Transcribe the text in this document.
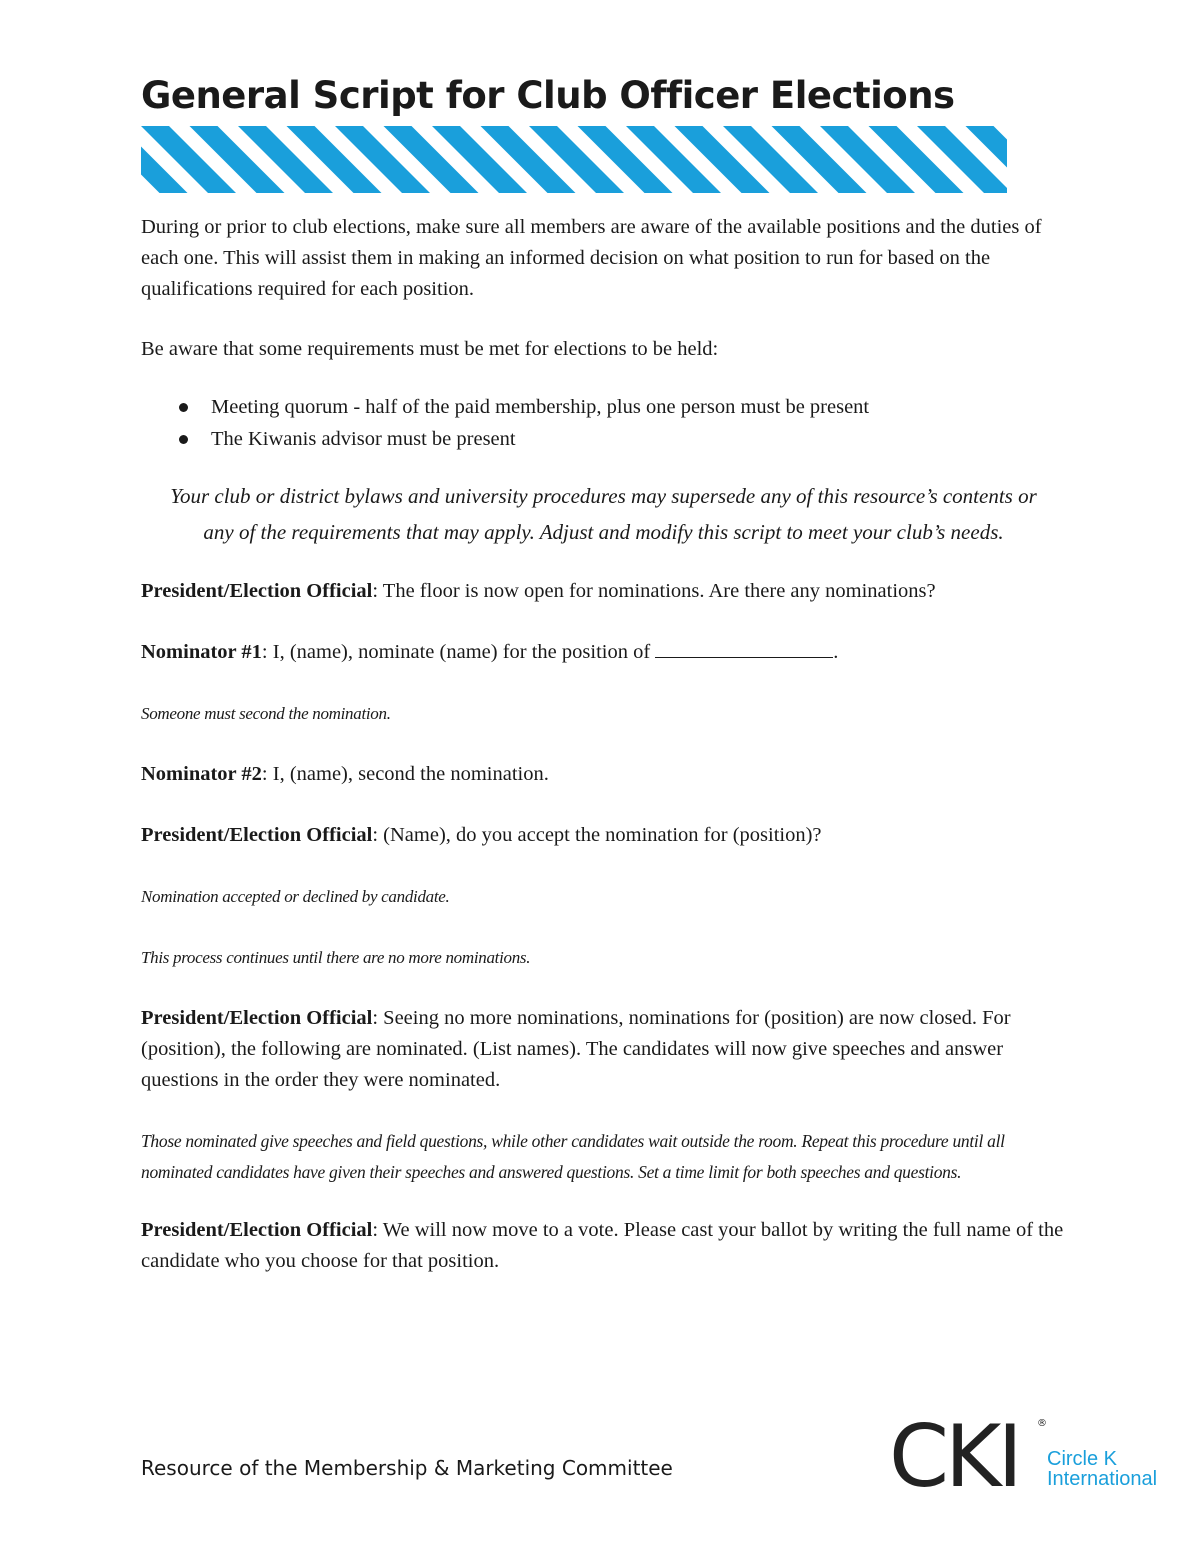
General Script for Club Officer Elections

During or prior to club elections, make sure all members are aware of the available positions and the duties of each one. This will assist them in making an informed decision on what position to run for based on the qualifications required for each position.

Be aware that some requirements must be met for elections to be held:

Meeting quorum - half of the paid membership, plus one person must be present
The Kiwanis advisor must be present

Your club or district bylaws and university procedures may supersede any of this resource’s contents or
any of the requirements that may apply. Adjust and modify this script to meet your club’s needs.

President/Election Official: The floor is now open for nominations. Are there any nominations?

Nominator #1: I, (name), nominate (name) for the position of	.

Someone must second the nomination.

Nominator #2: I, (name), second the nomination.

President/Election Official: (Name), do you accept the nomination for (position)?

Nomination accepted or declined by candidate.

This process continues until there are no more nominations.

President/Election Official: Seeing no more nominations, nominations for (position) are now closed. For (position), the following are nominated. (List names). The candidates will now give speeches and answer questions in the order they were nominated.

Those nominated give speeches and field questions, while other candidates wait outside the room. Repeat this procedure until all nominated candidates have given their speeches and answered questions. Set a time limit for both speeches and questions.

President/Election Official: We will now move to a vote. Please cast your ballot by writing the full name of the candidate who you choose for that position.

Resource of the Membership & Marketing Committee	CKI ®
Circle K
International
